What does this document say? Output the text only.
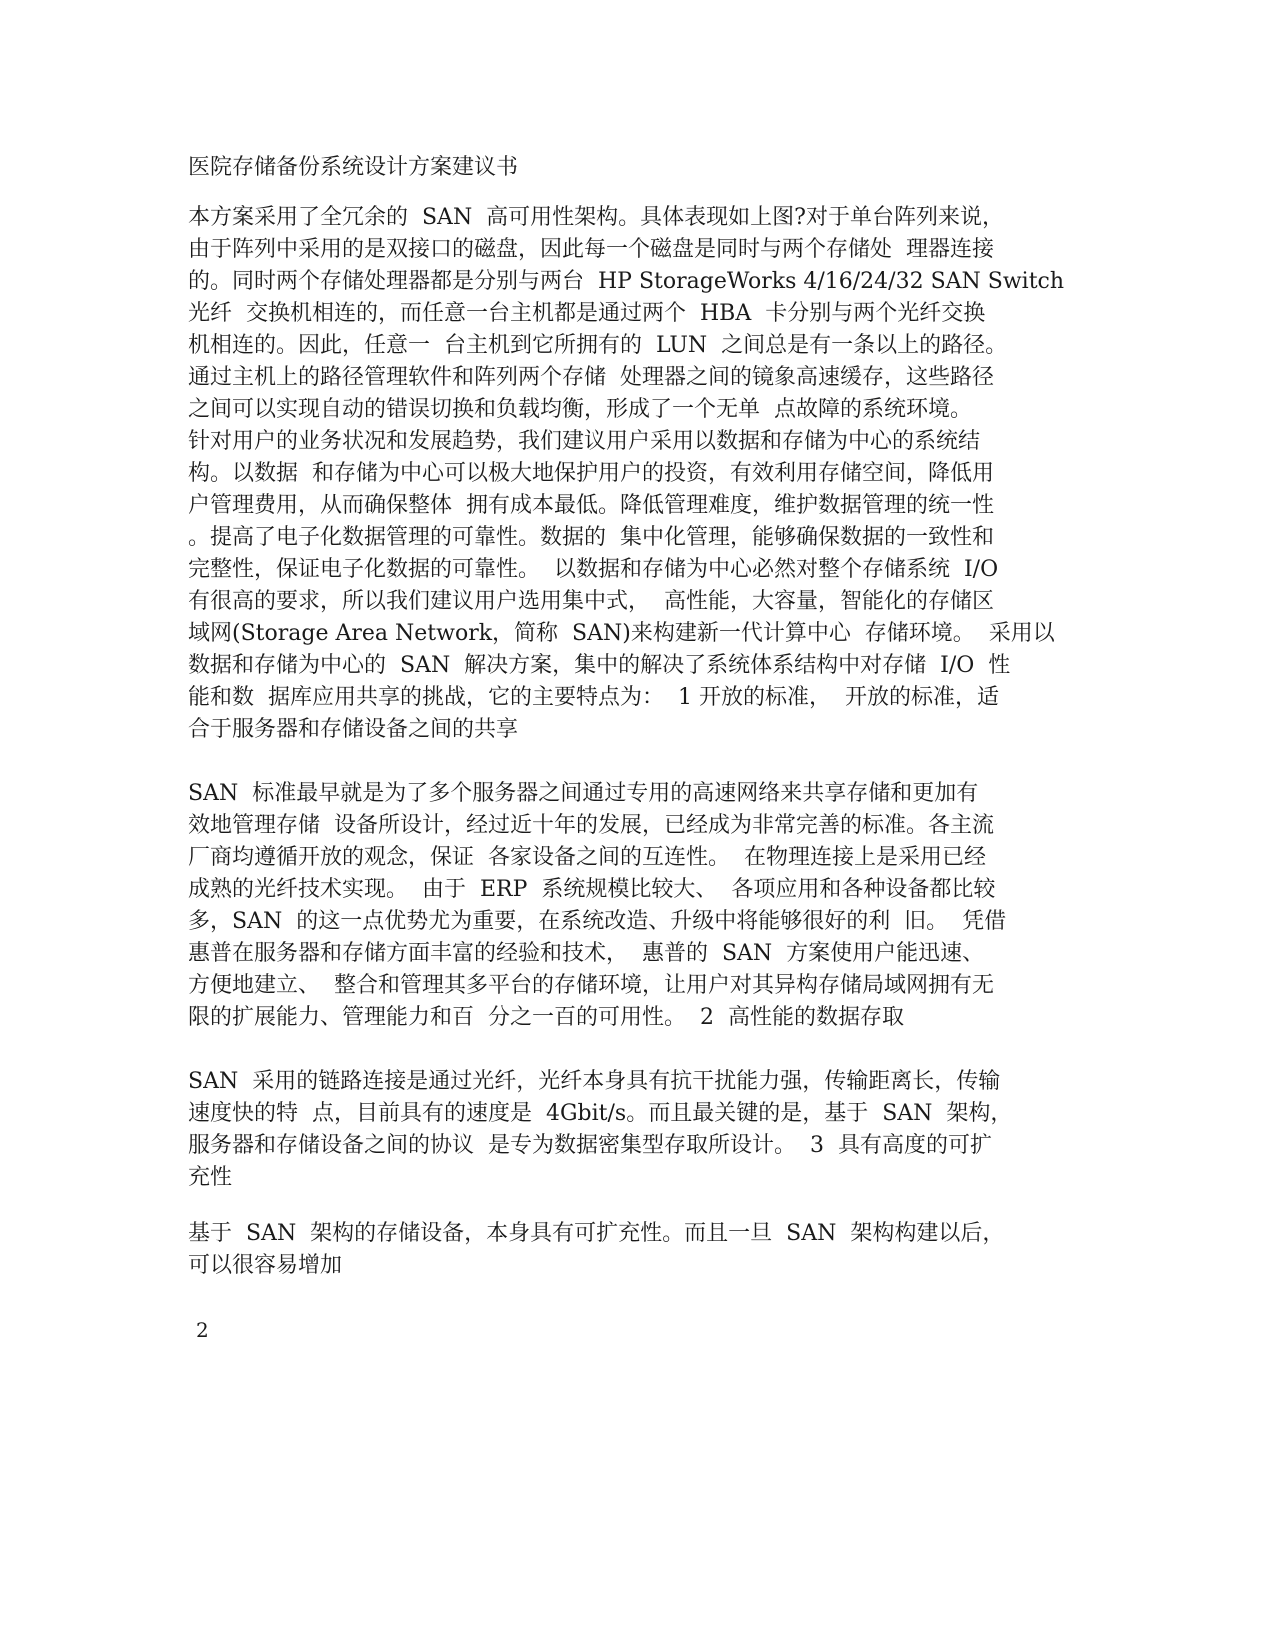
医院存储备份系统设计方案建议书
本方案采用了全冗余的  SAN  高可用性架构。具体表现如上图?对于单台阵列来说，
由于阵列中采用的是双接口的磁盘，因此每一个磁盘是同时与两个存储处  理器连接
的。同时两个存储处理器都是分别与两台  HP StorageWorks 4/16/24/32 SAN Switch
光纤  交换机相连的，而任意一台主机都是通过两个  HBA  卡分别与两个光纤交换
机相连的。因此，任意一  台主机到它所拥有的  LUN  之间总是有一条以上的路径。
通过主机上的路径管理软件和阵列两个存储  处理器之间的镜象高速缓存，这些路径
之间可以实现自动的错误切换和负载均衡，形成了一个无单  点故障的系统环境。
针对用户的业务状况和发展趋势，我们建议用户采用以数据和存储为中心的系统结
构。以数据  和存储为中心可以极大地保护用户的投资，有效利用存储空间，降低用
户管理费用，从而确保整体  拥有成本最低。降低管理难度，维护数据管理的统一性
。提高了电子化数据管理的可靠性。数据的  集中化管理，能够确保数据的一致性和
完整性，保证电子化数据的可靠性。  以数据和存储为中心必然对整个存储系统  I/O
有很高的要求，所以我们建议用户选用集中式，  高性能，大容量，智能化的存储区
域网(Storage Area Network，简称  SAN)来构建新一代计算中心  存储环境。  采用以
数据和存储为中心的  SAN  解决方案，集中的解决了系统体系结构中对存储  I/O  性
能和数  据库应用共享的挑战，它的主要特点为：  1 开放的标准，  开放的标准，适
合于服务器和存储设备之间的共享
SAN  标准最早就是为了多个服务器之间通过专用的高速网络来共享存储和更加有
效地管理存储  设备所设计，经过近十年的发展，已经成为非常完善的标准。各主流
厂商均遵循开放的观念，保证  各家设备之间的互连性。  在物理连接上是采用已经
成熟的光纤技术实现。  由于  ERP  系统规模比较大、  各项应用和各种设备都比较
多，SAN  的这一点优势尤为重要，在系统改造、升级中将能够很好的利  旧。  凭借
惠普在服务器和存储方面丰富的经验和技术，  惠普的  SAN  方案使用户能迅速、
方便地建立、  整合和管理其多平台的存储环境，让用户对其异构存储局域网拥有无
限的扩展能力、管理能力和百  分之一百的可用性。  2  高性能的数据存取
SAN  采用的链路连接是通过光纤，光纤本身具有抗干扰能力强，传输距离长，传输
速度快的特  点，目前具有的速度是  4Gbit/s。而且最关键的是，基于  SAN  架构，
服务器和存储设备之间的协议  是专为数据密集型存取所设计。  3  具有高度的可扩
充性
基于  SAN  架构的存储设备，本身具有可扩充性。而且一旦  SAN  架构构建以后，
可以很容易增加
2
